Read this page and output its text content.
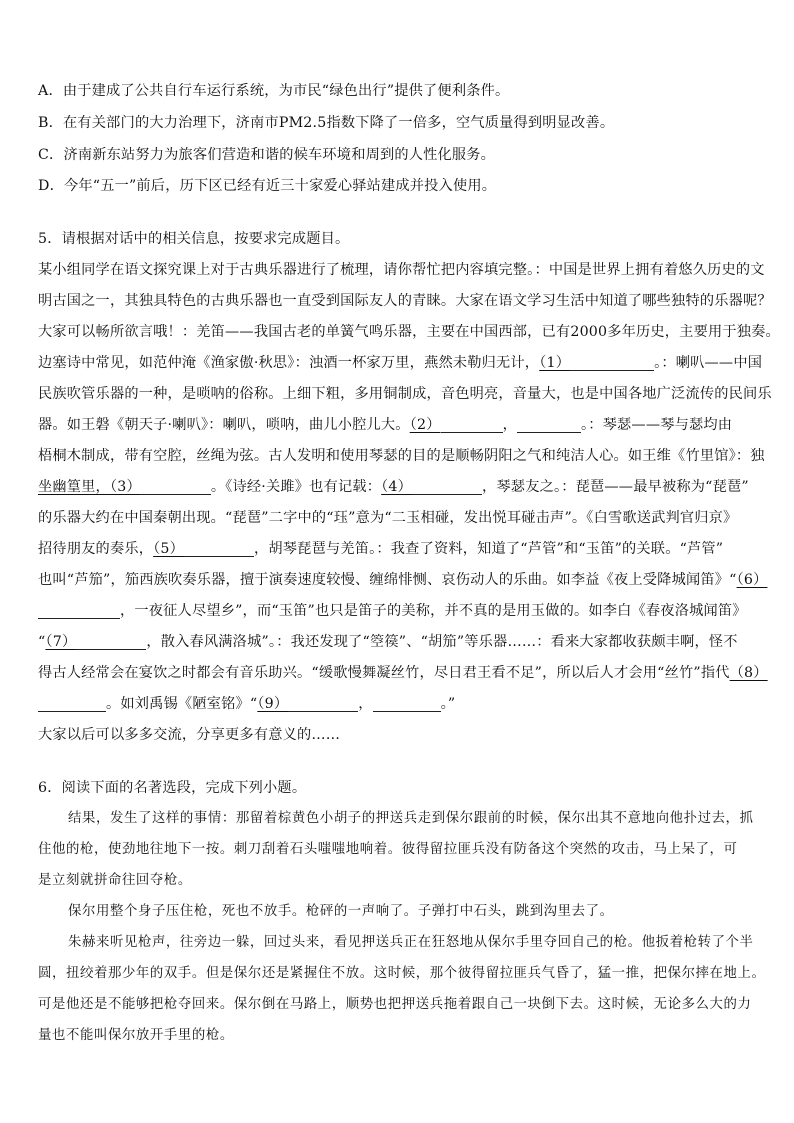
A．由于建成了公共自行车运行系统，为市民“绿色出行”提供了便利条件。
B．在有关部门的大力治理下，济南市PM2.5指数下降了一倍多，空气质量得到明显改善。
C．济南新东站努力为旅客们营造和谐的候车环境和周到的人性化服务。
D．今年“五一”前后，历下区已经有近三十家爱心驿站建成并投入使用。
5．请根据对话中的相关信息，按要求完成题目。
某小组同学在语文探究课上对于古典乐器进行了梳理，请你帮忙把内容填完整。：中国是世界上拥有着悠久历史的文
明古国之一，其独具特色的古典乐器也一直受到国际友人的青睐。大家在语文学习生活中知道了哪些独特的乐器呢？
大家可以畅所欲言哦！：羌笛——我国古老的单簧气鸣乐器，主要在中国西部，已有2000多年历史，主要用于独奏。
边塞诗中常见，如范仲淹《渔家傲·秋思》：浊酒一杯家万里，燕然未勒归无计，（1）	。：喇叭——中国
民族吹管乐器的一种，是唢呐的俗称。上细下粗，多用铜制成，音色明亮，音量大，也是中国各地广泛流传的民间乐
器。如王磐《朝天子·喇叭》：喇叭，唢呐，曲儿小腔儿大。（2）	，	。：琴瑟——琴与瑟均由
梧桐木制成，带有空腔，丝绳为弦。古人发明和使用琴瑟的目的是顺畅阴阳之气和纯洁人心。如王维《竹里馆》：独
坐幽篁里，（3）	。《诗经·关雎》也有记载：（4）	，琴瑟友之。：琵琶——最早被称为“琵琶”
的乐器大约在中国秦朝出现。“琵琶”二字中的“珏”意为“二玉相碰，发出悦耳碰击声”。《白雪歌送武判官归京》
招待朋友的奏乐，（5）	，胡琴琵琶与羌笛。：我查了资料，知道了“芦管”和“玉笛”的关联。“芦管”
也叫“芦笳”，笳西族吹奏乐器，擅于演奏速度较慢、缠绵悱恻、哀伤动人的乐曲。如李益《夜上受降城闻笛》“（6）
，一夜征人尽望乡”，而“玉笛”也只是笛子的美称，并不真的是用玉做的。如李白《春夜洛城闻笛》
“（7）	，散入春风满洛城”。：我还发现了“箜篌”、“胡笳”等乐器……：看来大家都收获颇丰啊，怪不
得古人经常会在宴饮之时都会有音乐助兴。“缓歌慢舞凝丝竹，尽日君王看不足”，所以后人才会用“丝竹”指代（8）
。如刘禹锡《陋室铭》“（9）	，	。”
大家以后可以多多交流，分享更多有意义的……
6．阅读下面的名著选段，完成下列小题。
结果，发生了这样的事情：那留着棕黄色小胡子的押送兵走到保尔跟前的时候，保尔出其不意地向他扑过去，抓
住他的枪，使劲地往地下一按。刺刀刮着石头嗤嗤地响着。彼得留拉匪兵没有防备这个突然的攻击，马上呆了，可
是立刻就拼命往回夺枪。
保尔用整个身子压住枪，死也不放手。枪砰的一声响了。子弹打中石头，跳到沟里去了。
朱赫来听见枪声，往旁边一躲，回过头来，看见押送兵正在狂怒地从保尔手里夺回自己的枪。他扳着枪转了个半
圆，扭绞着那少年的双手。但是保尔还是紧握住不放。这时候，那个彼得留拉匪兵气昏了，猛一推，把保尔摔在地上。
可是他还是不能够把枪夺回来。保尔倒在马路上，顺势也把押送兵拖着跟自己一块倒下去。这时候，无论多么大的力
量也不能叫保尔放开手里的枪。
